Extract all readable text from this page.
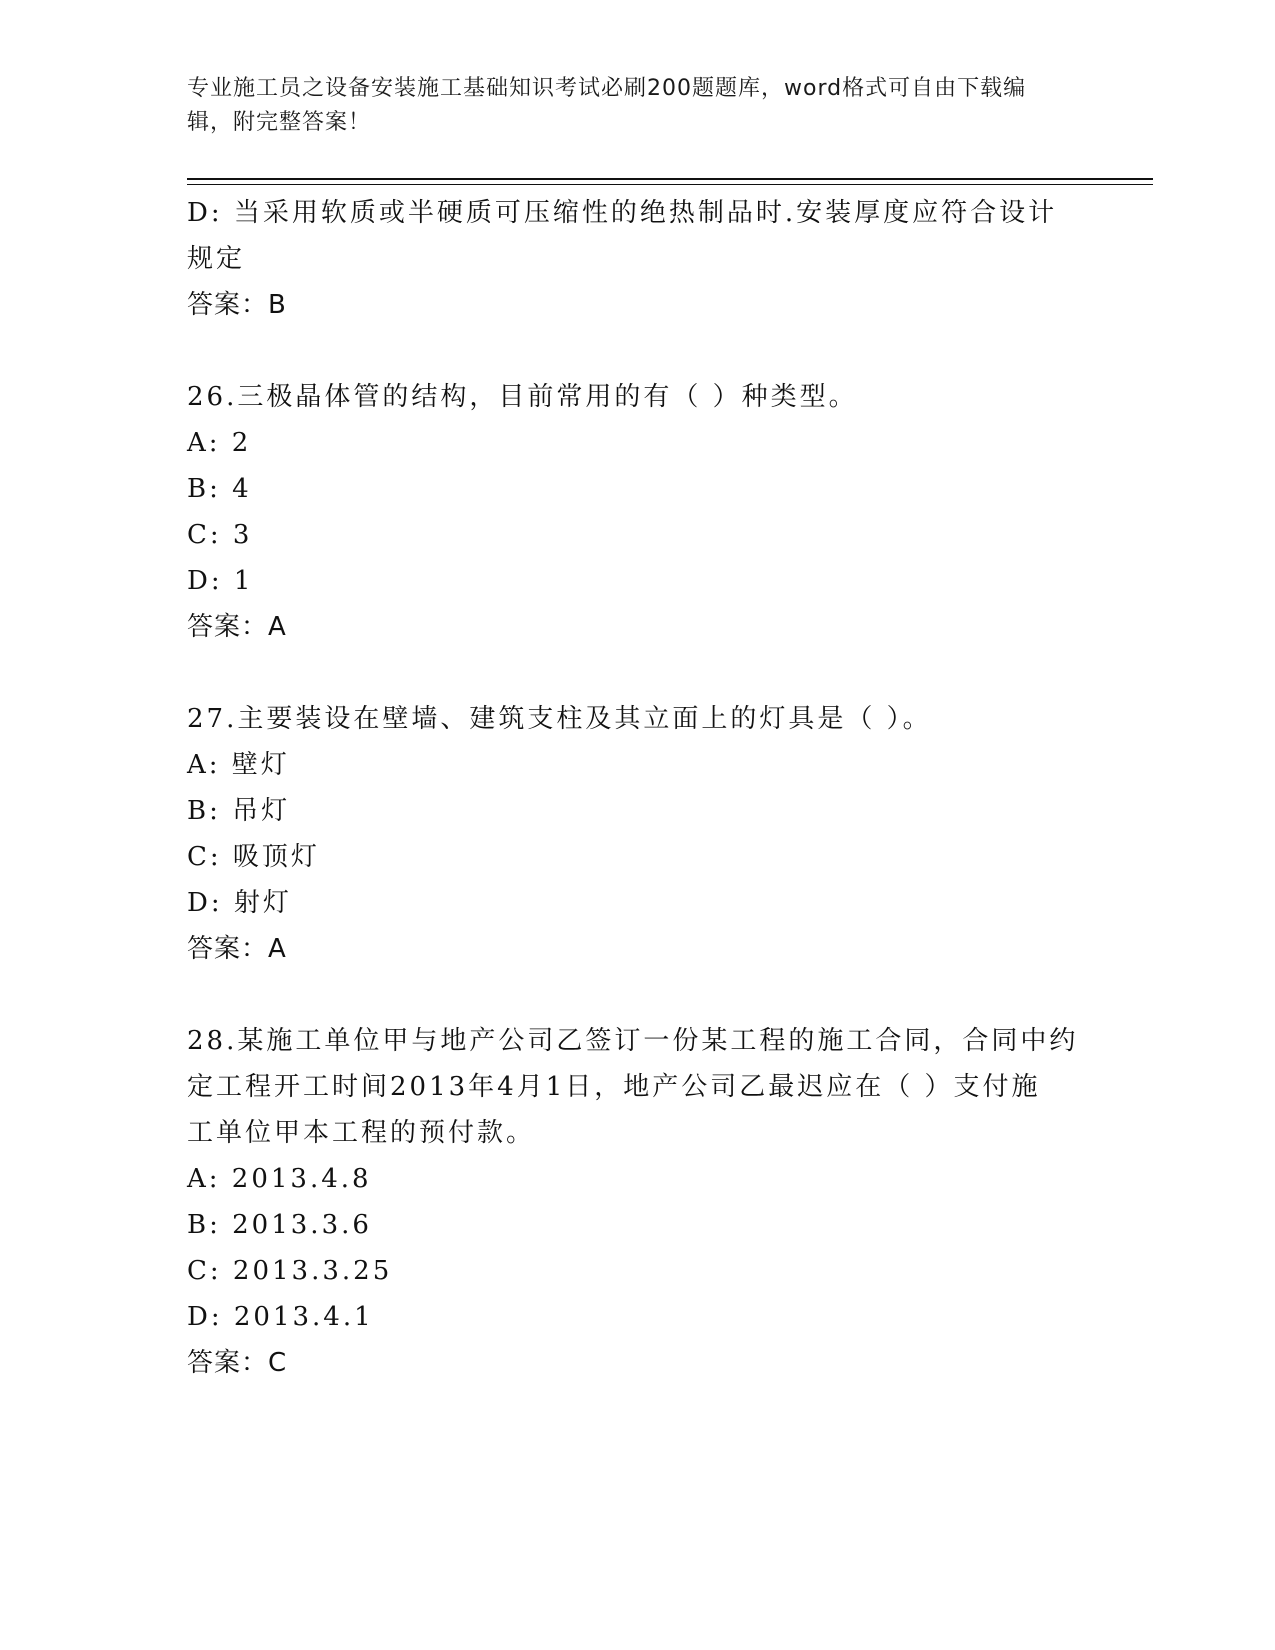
专业施工员之设备安装施工基础知识考试必刷200题题库，word格式可自由下载编辑，附完整答案！

D: 当采用软质或半硬质可压缩性的绝热制品时.安装厚度应符合设计

规定

答案：B

26.三极晶体管的结构，目前常用的有（ ）种类型。

A: 2

B: 4

C: 3

D: 1

答案：A

27.主要装设在壁墙、建筑支柱及其立面上的灯具是（ ）。

A: 壁灯

B: 吊灯

C: 吸顶灯

D: 射灯

答案：A

28.某施工单位甲与地产公司乙签订一份某工程的施工合同，合同中约

定工程开工时间2013年4月1日，地产公司乙最迟应在（ ）支付施

工单位甲本工程的预付款。

A: 2013.4.8

B: 2013.3.6

C: 2013.3.25

D: 2013.4.1

答案：C
